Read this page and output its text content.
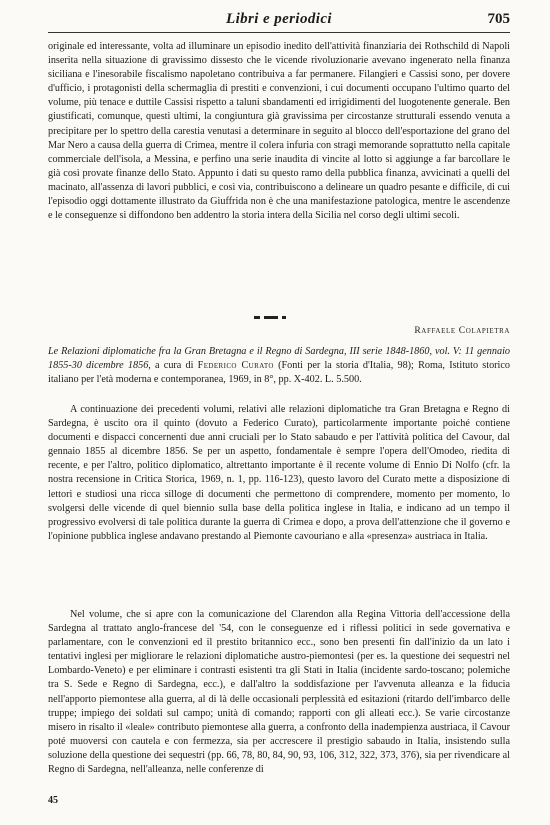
Libri e periodici	705

originale ed interessante, volta ad illuminare un episodio inedito dell'attività finanziaria dei Rothschild di Napoli inserita nella situazione di gravissimo dissesto che le vicende rivoluzionarie avevano ingenerato nella finanza siciliana e l'inesorabile fiscalismo napoletano contribuiva a far permanere. Filangieri e Cassisi sono, per dovere d'ufficio, i protagonisti della schermaglia di prestiti e convenzioni, i cui documenti occupano l'ultimo quarto del volume, più tenace e duttile Cassisi rispetto a taluni sbandamenti ed irrigidimenti del luogotenente generale. Ben giustificati, comunque, questi ultimi, la congiuntura già gravissima per circostanze strutturali essendo venuta a precipitare per lo spettro della carestia venutasi a determinare in seguito al blocco dell'esportazione del grano del Mar Nero a causa della guerra di Crimea, mentre il colera infuria con stragi memorande soprattutto nella capitale commerciale dell'isola, a Messina, e perfino una serie inaudita di vincite al lotto si aggiunge a far barcollare le già così provate finanze dello Stato. Appunto i dati su questo ramo della pubblica finanza, avvicinati a quelli del macinato, all'assenza di lavori pubblici, e così via, contribuiscono a delineare un quadro pesante e difficile, di cui l'episodio oggi dottamente illustrato da Giuffrida non è che una manifestazione patologica, mentre le ascendenze e le conseguenze si diffondono ben addentro la storia intera della Sicilia nel corso degli ultimi secoli.

Raffaele Colapietra

Le Relazioni diplomatiche fra la Gran Bretagna e il Regno di Sardegna, III serie 1848-1860, vol. V: 11 gennaio 1855-30 dicembre 1856, a cura di Federico Curato (Fonti per la storia d'Italia, 98); Roma, Istituto storico italiano per l'età moderna e contemporanea, 1969, in 8°, pp. X-402. L. 5.500.

A continuazione dei precedenti volumi, relativi alle relazioni diplomatiche tra Gran Bretagna e Regno di Sardegna, è uscito ora il quinto (dovuto a Federico Curato), particolarmente importante poiché contiene documenti e dispacci concernenti due anni cruciali per lo Stato sabaudo e per l'attività politica del Cavour, dal gennaio 1855 al dicembre 1856. Se per un aspetto, fondamentale è sempre l'opera dell'Omodeo, riedita di recente, e per l'altro, politico diplomatico, altrettanto importante è il recente volume di Ennio Di Nolfo (cfr. la nostra recensione in Critica Storica, 1969, n. 1, pp. 116-123), questo lavoro del Curato mette a disposizione di lettori e studiosi una ricca silloge di documenti che permettono di comprendere, momento per momento, lo svolgersi delle vicende di quel biennio sulla base della politica inglese in Italia, e indicano ad un tempo il progressivo evolversi di tale politica durante la guerra di Crimea e dopo, a prova dell'attenzione che il governo e l'opinione pubblica inglese andavano prestando al Piemonte cavouriano e alla «presenza» austriaca in Italia.

Nel volume, che si apre con la comunicazione del Clarendon alla Regina Vittoria dell'accessione della Sardegna al trattato anglo-francese del '54, con le conseguenze ed i riflessi politici in sede governativa e parlamentare, con le convenzioni ed il prestito britannico ecc., sono ben presenti fin dall'inizio da un lato i tentativi inglesi per migliorare le relazioni diplomatiche austro-piemontesi (per es. la questione dei sequestri nel Lombardo-Veneto) e per eliminare i contrasti esistenti tra gli Stati in Italia (incidente sardo-toscano; polemiche tra S. Sede e Regno di Sardegna, ecc.), e dall'altro la soddisfazione per l'avvenuta alleanza e la fiducia nell'apporto piemontese alla guerra, al di là delle occasionali perplessità ed esitazioni (ritardo dell'imbarco delle truppe; impiego dei soldati sul campo; unità di comando; rapporti con gli alleati ecc.). Se varie circostanze misero in risalto il «leale» contributo piemontese alla guerra, a confronto della inadempienza austriaca, il Cavour poté muoversi con cautela e con fermezza, sia per accrescere il prestigio sabaudo in Italia, insistendo sulla soluzione della questione dei sequestri (pp. 66, 78, 80, 84, 90, 93, 106, 312, 322, 373, 376), sia per rivendicare al Regno di Sardegna, nell'alleanza, nelle conferenze di

45
